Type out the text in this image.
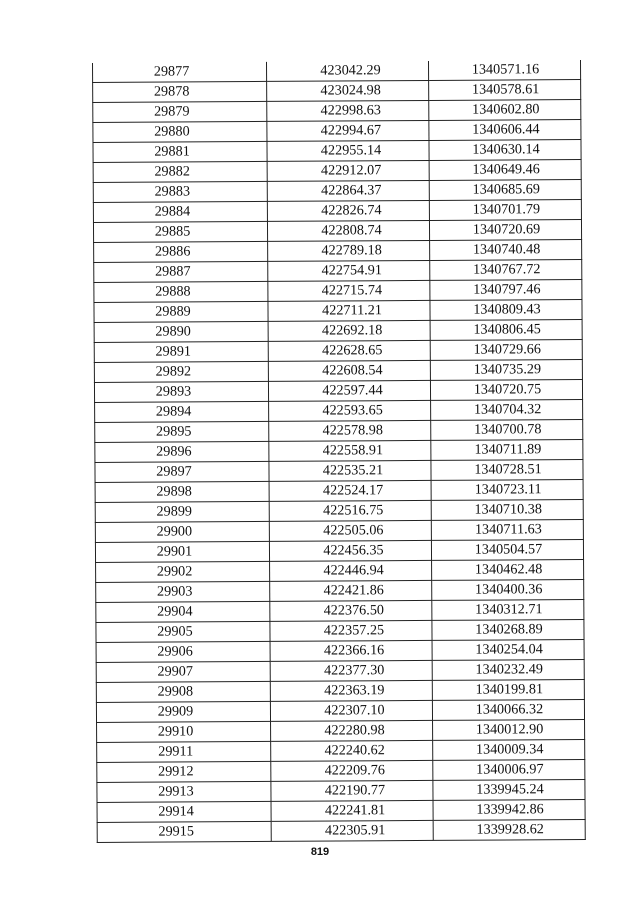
29877	423042.29	1340571.16
29878	423024.98	1340578.61
29879	422998.63	1340602.80
29880	422994.67	1340606.44
29881	422955.14	1340630.14
29882	422912.07	1340649.46
29883	422864.37	1340685.69
29884	422826.74	1340701.79
29885	422808.74	1340720.69
29886	422789.18	1340740.48
29887	422754.91	1340767.72
29888	422715.74	1340797.46
29889	422711.21	1340809.43
29890	422692.18	1340806.45
29891	422628.65	1340729.66
29892	422608.54	1340735.29
29893	422597.44	1340720.75
29894	422593.65	1340704.32
29895	422578.98	1340700.78
29896	422558.91	1340711.89
29897	422535.21	1340728.51
29898	422524.17	1340723.11
29899	422516.75	1340710.38
29900	422505.06	1340711.63
29901	422456.35	1340504.57
29902	422446.94	1340462.48
29903	422421.86	1340400.36
29904	422376.50	1340312.71
29905	422357.25	1340268.89
29906	422366.16	1340254.04
29907	422377.30	1340232.49
29908	422363.19	1340199.81
29909	422307.10	1340066.32
29910	422280.98	1340012.90
29911	422240.62	1340009.34
29912	422209.76	1340006.97
29913	422190.77	1339945.24
29914	422241.81	1339942.86
29915	422305.91	1339928.62
819
